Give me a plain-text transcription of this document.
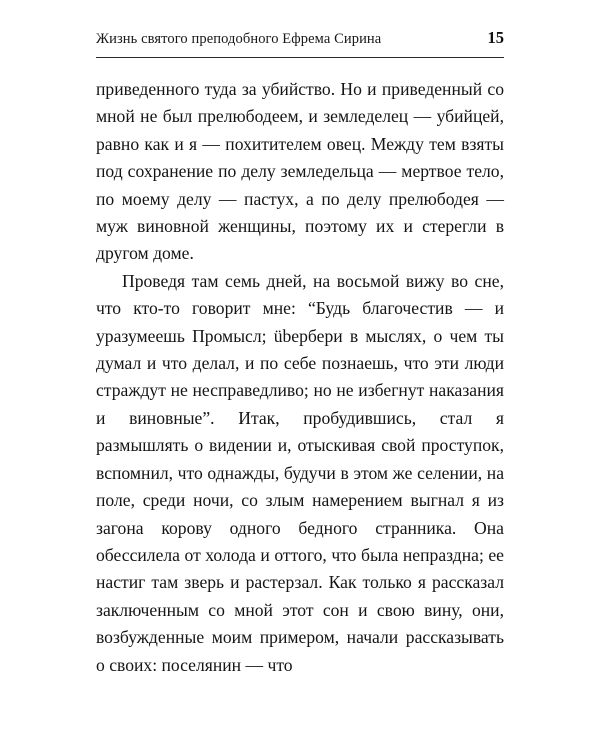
Жизнь святого преподобного Ефрема Сирина	15

приведенного туда за убийство. Но и приведенный со мной не был прелюбодеем, и земледелец — убийцей, равно как и я — похитителем овец. Между тем взяты под сохранение по делу земледельца — мертвое тело, по моему делу — пастух, а по делу прелюбодея — муж виновной женщины, поэтому их и стерегли в другом доме.

Проведя там семь дней, на восьмой вижу во сне, что кто-то говорит мне: “Будь благочестив — и уразумеешь Промысл; übербери в мыслях, о чем ты думал и что делал, и по себе познаешь, что эти люди страждут не несправедливо; но не избегнут наказания и виновные”. Итак, пробудившись, стал я размышлять о видении и, отыскивая свой проступок, вспомнил, что однажды, будучи в этом же селении, на поле, среди ночи, со злым намерением выгнал я из загона корову одного бедного странника. Она обессилела от холода и оттого, что была непраздна; ее настиг там зверь и растерзал. Как только я рассказал заключенным со мной этот сон и свою вину, они, возбужденные моим примером, начали рассказывать о своих: поселянин — что
